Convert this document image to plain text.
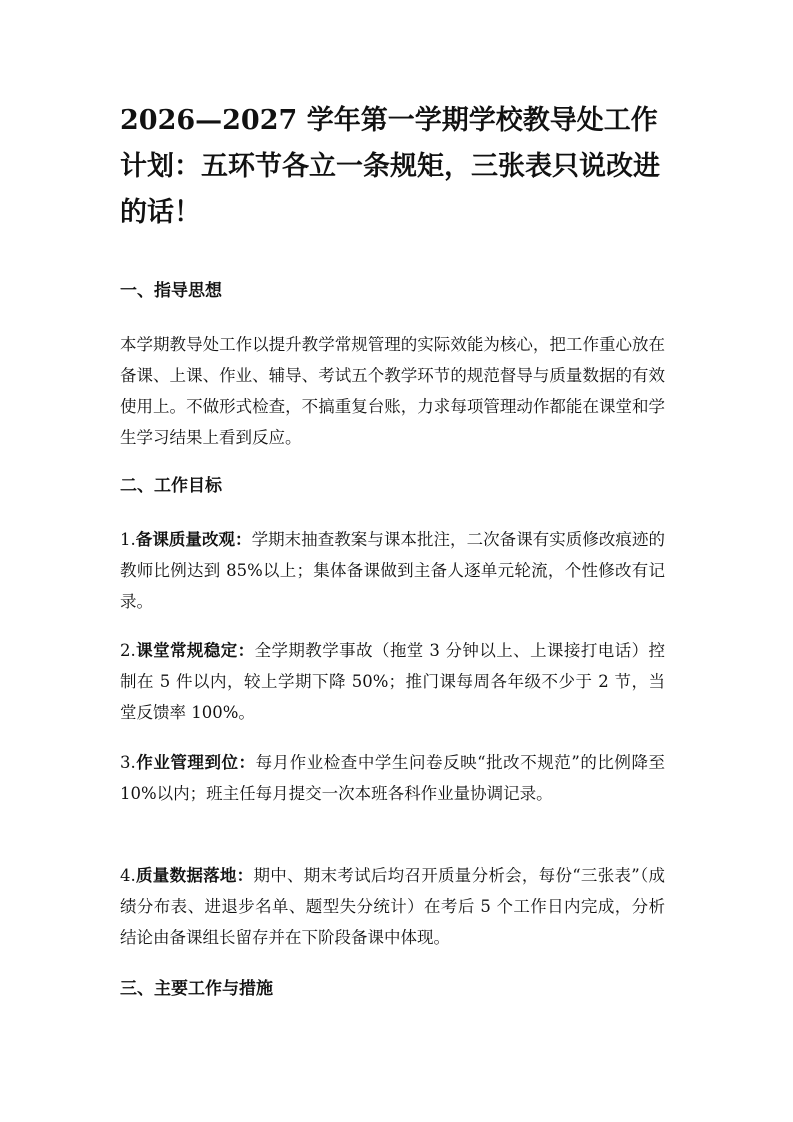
2026—2027 学年第一学期学校教导处工作计划：五环节各立一条规矩，三张表只说改进的话！
一、指导思想

本学期教导处工作以提升教学常规管理的实际效能为核心，把工作重心放在备课、上课、作业、辅导、考试五个教学环节的规范督导与质量数据的有效使用上。不做形式检查，不搞重复台账，力求每项管理动作都能在课堂和学生学习结果上看到反应。

二、工作目标

1.备课质量改观：学期末抽查教案与课本批注，二次备课有实质修改痕迹的教师比例达到 85%以上；集体备课做到主备人逐单元轮流，个性修改有记录。

2.课堂常规稳定：全学期教学事故（拖堂 3 分钟以上、上课接打电话）控制在 5 件以内，较上学期下降 50%；推门课每周各年级不少于 2 节，当堂反馈率 100%。

3.作业管理到位：每月作业检查中学生问卷反映“批改不规范”的比例降至 10%以内；班主任每月提交一次本班各科作业量协调记录。

4.质量数据落地：期中、期末考试后均召开质量分析会，每份“三张表”（成绩分布表、进退步名单、题型失分统计）在考后 5 个工作日内完成，分析结论由备课组长留存并在下阶段备课中体现。

三、主要工作与措施
